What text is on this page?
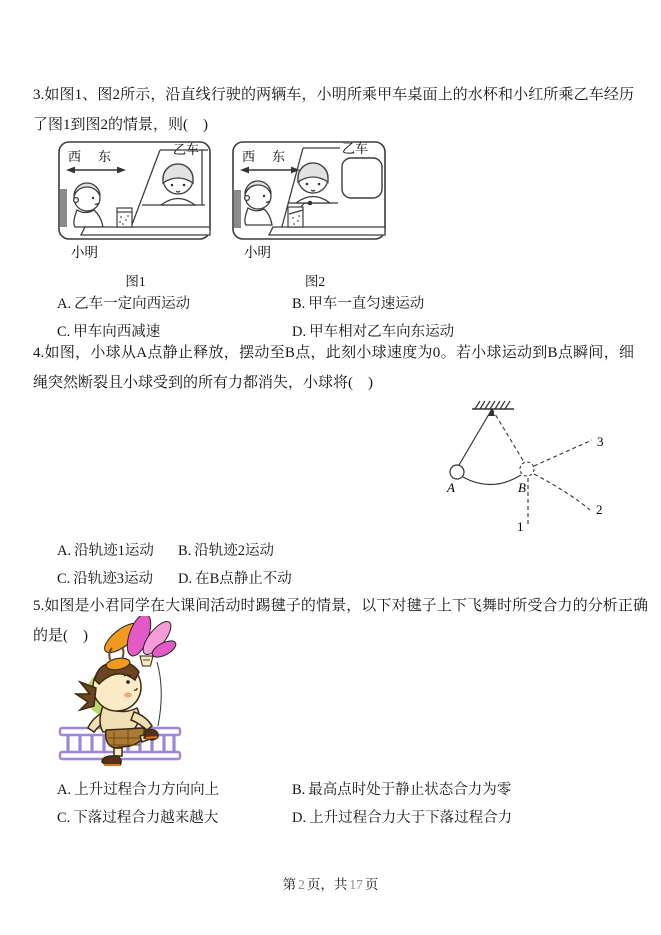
3.如图1、图2所示，沿直线行驶的两辆车，小明所乘甲车桌面上的水杯和小红所乘乙车经历了图1到图2的情景，则(　)

西 东	乙车
小明
图1
西 东
乙车
小明
图2
A. 乙车一定向西运动	B. 甲车一直匀速运动
C. 甲车向西减速	D. 甲车相对乙车向东运动

4.如图，小球从A点静止释放，摆动至B点，此刻小球速度为0。若小球运动到B点瞬间，细绳突然断裂且小球受到的所有力都消失，小球将(　)

A	B
1
2
3
A. 沿轨迹1运动	B. 沿轨迹2运动
C. 沿轨迹3运动	D. 在B点静止不动

5.如图是小君同学在大课间活动时踢毽子的情景，以下对毽子上下飞舞时所受合力的分析正确的是(　)

A. 上升过程合力方向向上	B. 最高点时处于静止状态合力为零
C. 下落过程合力越来越大	D. 上升过程合力大于下落过程合力
第 2 页，共 17 页
